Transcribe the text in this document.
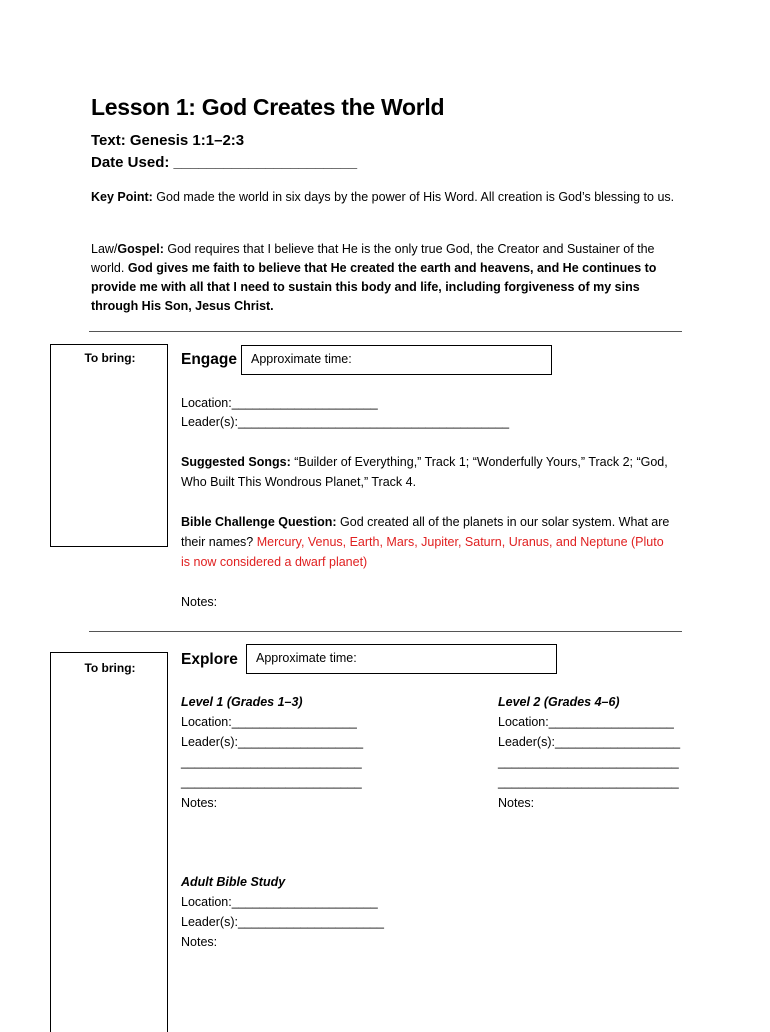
Lesson 1: God Creates the World
Text: Genesis 1:1–2:3
Date Used: ______________________
Key Point: God made the world in six days by the power of His Word. All creation is God’s blessing to us.
Law/Gospel: God requires that I believe that He is the only true God, the Creator and Sustainer of the world. God gives me faith to believe that He created the earth and heavens, and He continues to provide me with all that I need to sustain this body and life, including forgiveness of my sins through His Son, Jesus Christ.
To bring:	Engage	Approximate time:
Location:_____________________
Leader(s):_______________________________________
Suggested Songs: “Builder of Everything,” Track 1; “Wonderfully Yours,” Track 2; “God,
Who Built This Wondrous Planet,” Track 4.
Bible Challenge Question: God created all of the planets in our solar system. What are
their names? Mercury, Venus, Earth, Mars, Jupiter, Saturn, Uranus, and Neptune (Pluto
is now considered a dwarf planet)
Notes:
To bring:	Explore	Approximate time:
Level 1 (Grades 1–3)
Location:__________________
Leader(s):__________________
__________________________
__________________________
Notes:
Level 2 (Grades 4–6)
Location:__________________
Leader(s):__________________
__________________________
__________________________
Notes:
Adult Bible Study
Location:_____________________
Leader(s):_____________________
Notes:
